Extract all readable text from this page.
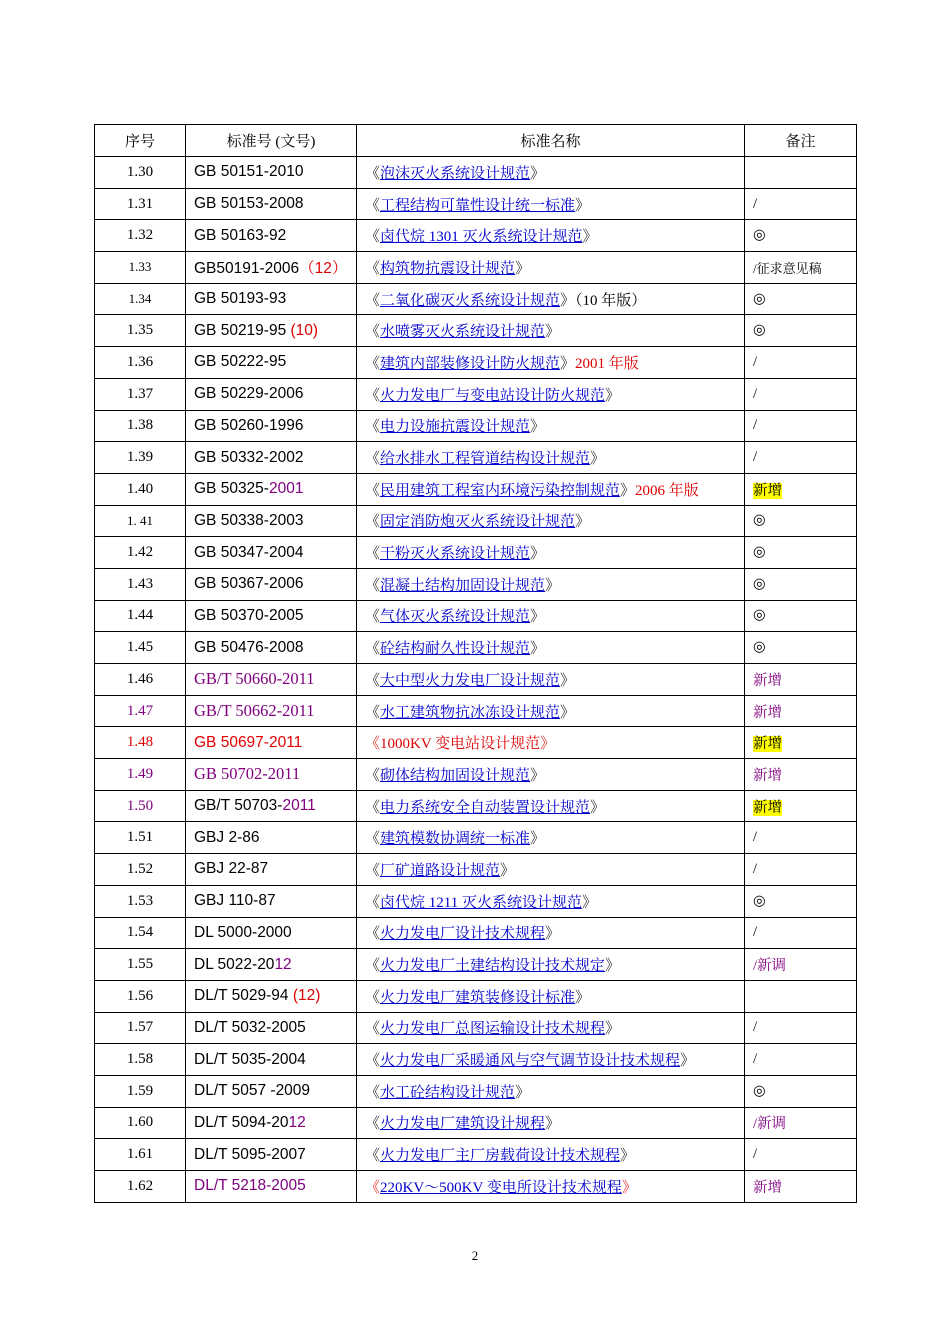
序号	标准号 (文号)	标准名称	备注
1.30	GB 50151-2010	《泡沫灭火系统设计规范》	
1.31	GB 50153-2008	《工程结构可靠性设计统一标准》	/
1.32	GB 50163-92	《卤代烷 1301 灭火系统设计规范》	◎
1.33	GB50191-2006（12）	《构筑物抗震设计规范》	/征求意见稿
1.34	GB 50193-93	《二氧化碳灭火系统设计规范》（10 年版）	◎
1.35	GB 50219-95 (10)	《水喷雾灭火系统设计规范》	◎
1.36	GB 50222-95	《建筑内部装修设计防火规范》2001 年版	/
1.37	GB 50229-2006	《火力发电厂与变电站设计防火规范》	/
1.38	GB 50260-1996	《电力设施抗震设计规范》	/
1.39	GB 50332-2002	《给水排水工程管道结构设计规范》	/
1.40	GB 50325-2001	《民用建筑工程室内环境污染控制规范》2006 年版	新增
1. 41	GB 50338-2003	《固定消防炮灭火系统设计规范》	◎
1.42	GB 50347-2004	《干粉灭火系统设计规范》	◎
1.43	GB 50367-2006	《混凝土结构加固设计规范》	◎
1.44	GB 50370-2005	《气体灭火系统设计规范》	◎
1.45	GB 50476-2008	《砼结构耐久性设计规范》	◎
1.46	GB/T 50660-2011	《大中型火力发电厂设计规范》	新增
1.47	GB/T 50662-2011	《水工建筑物抗冰冻设计规范》	新增
1.48	GB 50697-2011	《1000KV 变电站设计规范》	新增
1.49	GB 50702-2011	《砌体结构加固设计规范》	新增
1.50	GB/T 50703-2011	《电力系统安全自动装置设计规范》	新增
1.51	GBJ 2-86	《建筑模数协调统一标准》	/
1.52	GBJ 22-87	《厂矿道路设计规范》	/
1.53	GBJ 110-87	《卤代烷 1211 灭火系统设计规范》	◎
1.54	DL 5000-2000	《火力发电厂设计技术规程》	/
1.55	DL 5022-2012	《火力发电厂土建结构设计技术规定》	/新调
1.56	DL/T 5029-94 (12)	《火力发电厂建筑装修设计标准》	
1.57	DL/T 5032-2005	《火力发电厂总图运输设计技术规程》	/
1.58	DL/T 5035-2004	《火力发电厂采暖通风与空气调节设计技术规程》	/
1.59	DL/T 5057 -2009	《水工砼结构设计规范》	◎
1.60	DL/T 5094-2012	《火力发电厂建筑设计规程》	/新调
1.61	DL/T 5095-2007	《火力发电厂主厂房载荷设计技术规程》	/
1.62	DL/T 5218-2005	《220KV～500KV 变电所设计技术规程》	新增
2
